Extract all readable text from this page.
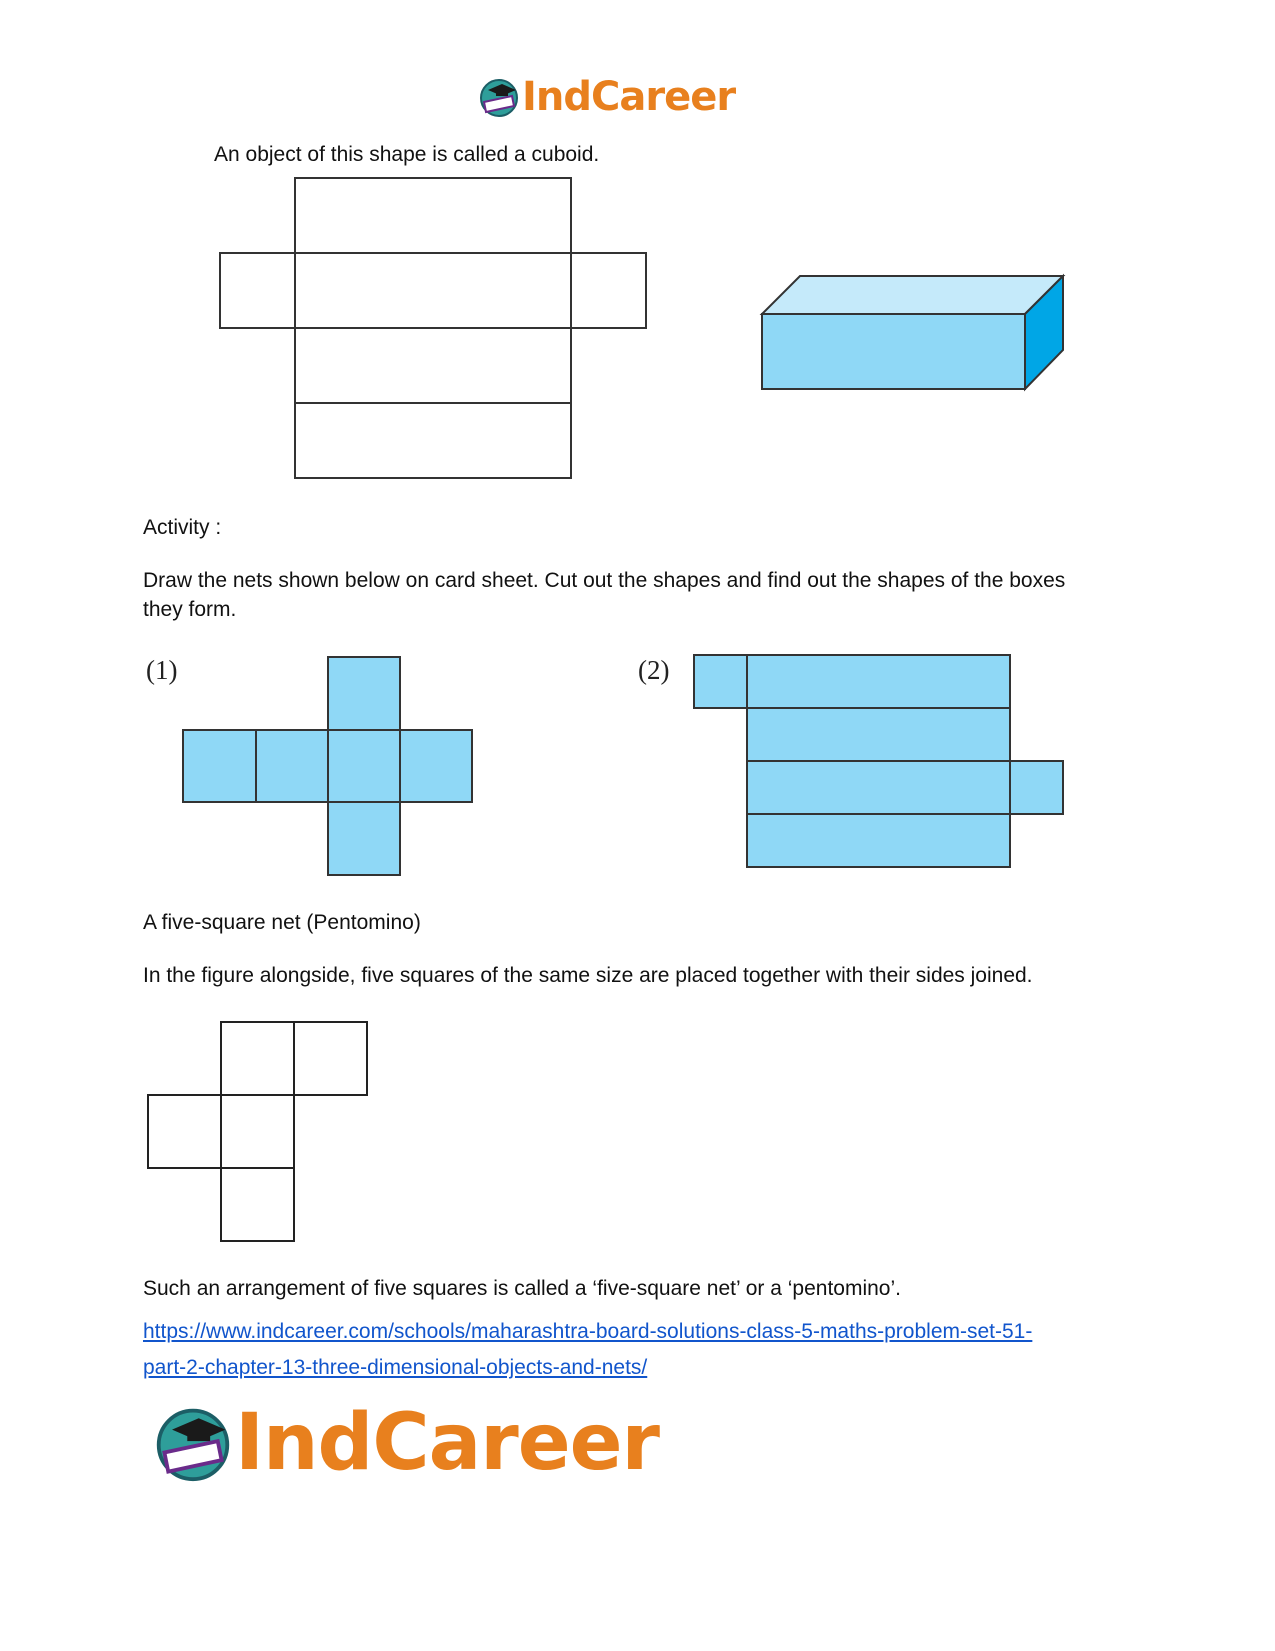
IndCareer
An object of this shape is called a cuboid.
Activity :
Draw the nets shown below on card sheet. Cut out the shapes and find out the shapes of the boxes they form.
(1)	(2)
A five-square net (Pentomino)
In the figure alongside, five squares of the same size are placed together with their sides joined.
Such an arrangement of five squares is called a ‘five-square net’ or a ‘pentomino’.
https://www.indcareer.com/schools/maharashtra-board-solutions-class-5-maths-problem-set-51-
part-2-chapter-13-three-dimensional-objects-and-nets/
IndCareer
